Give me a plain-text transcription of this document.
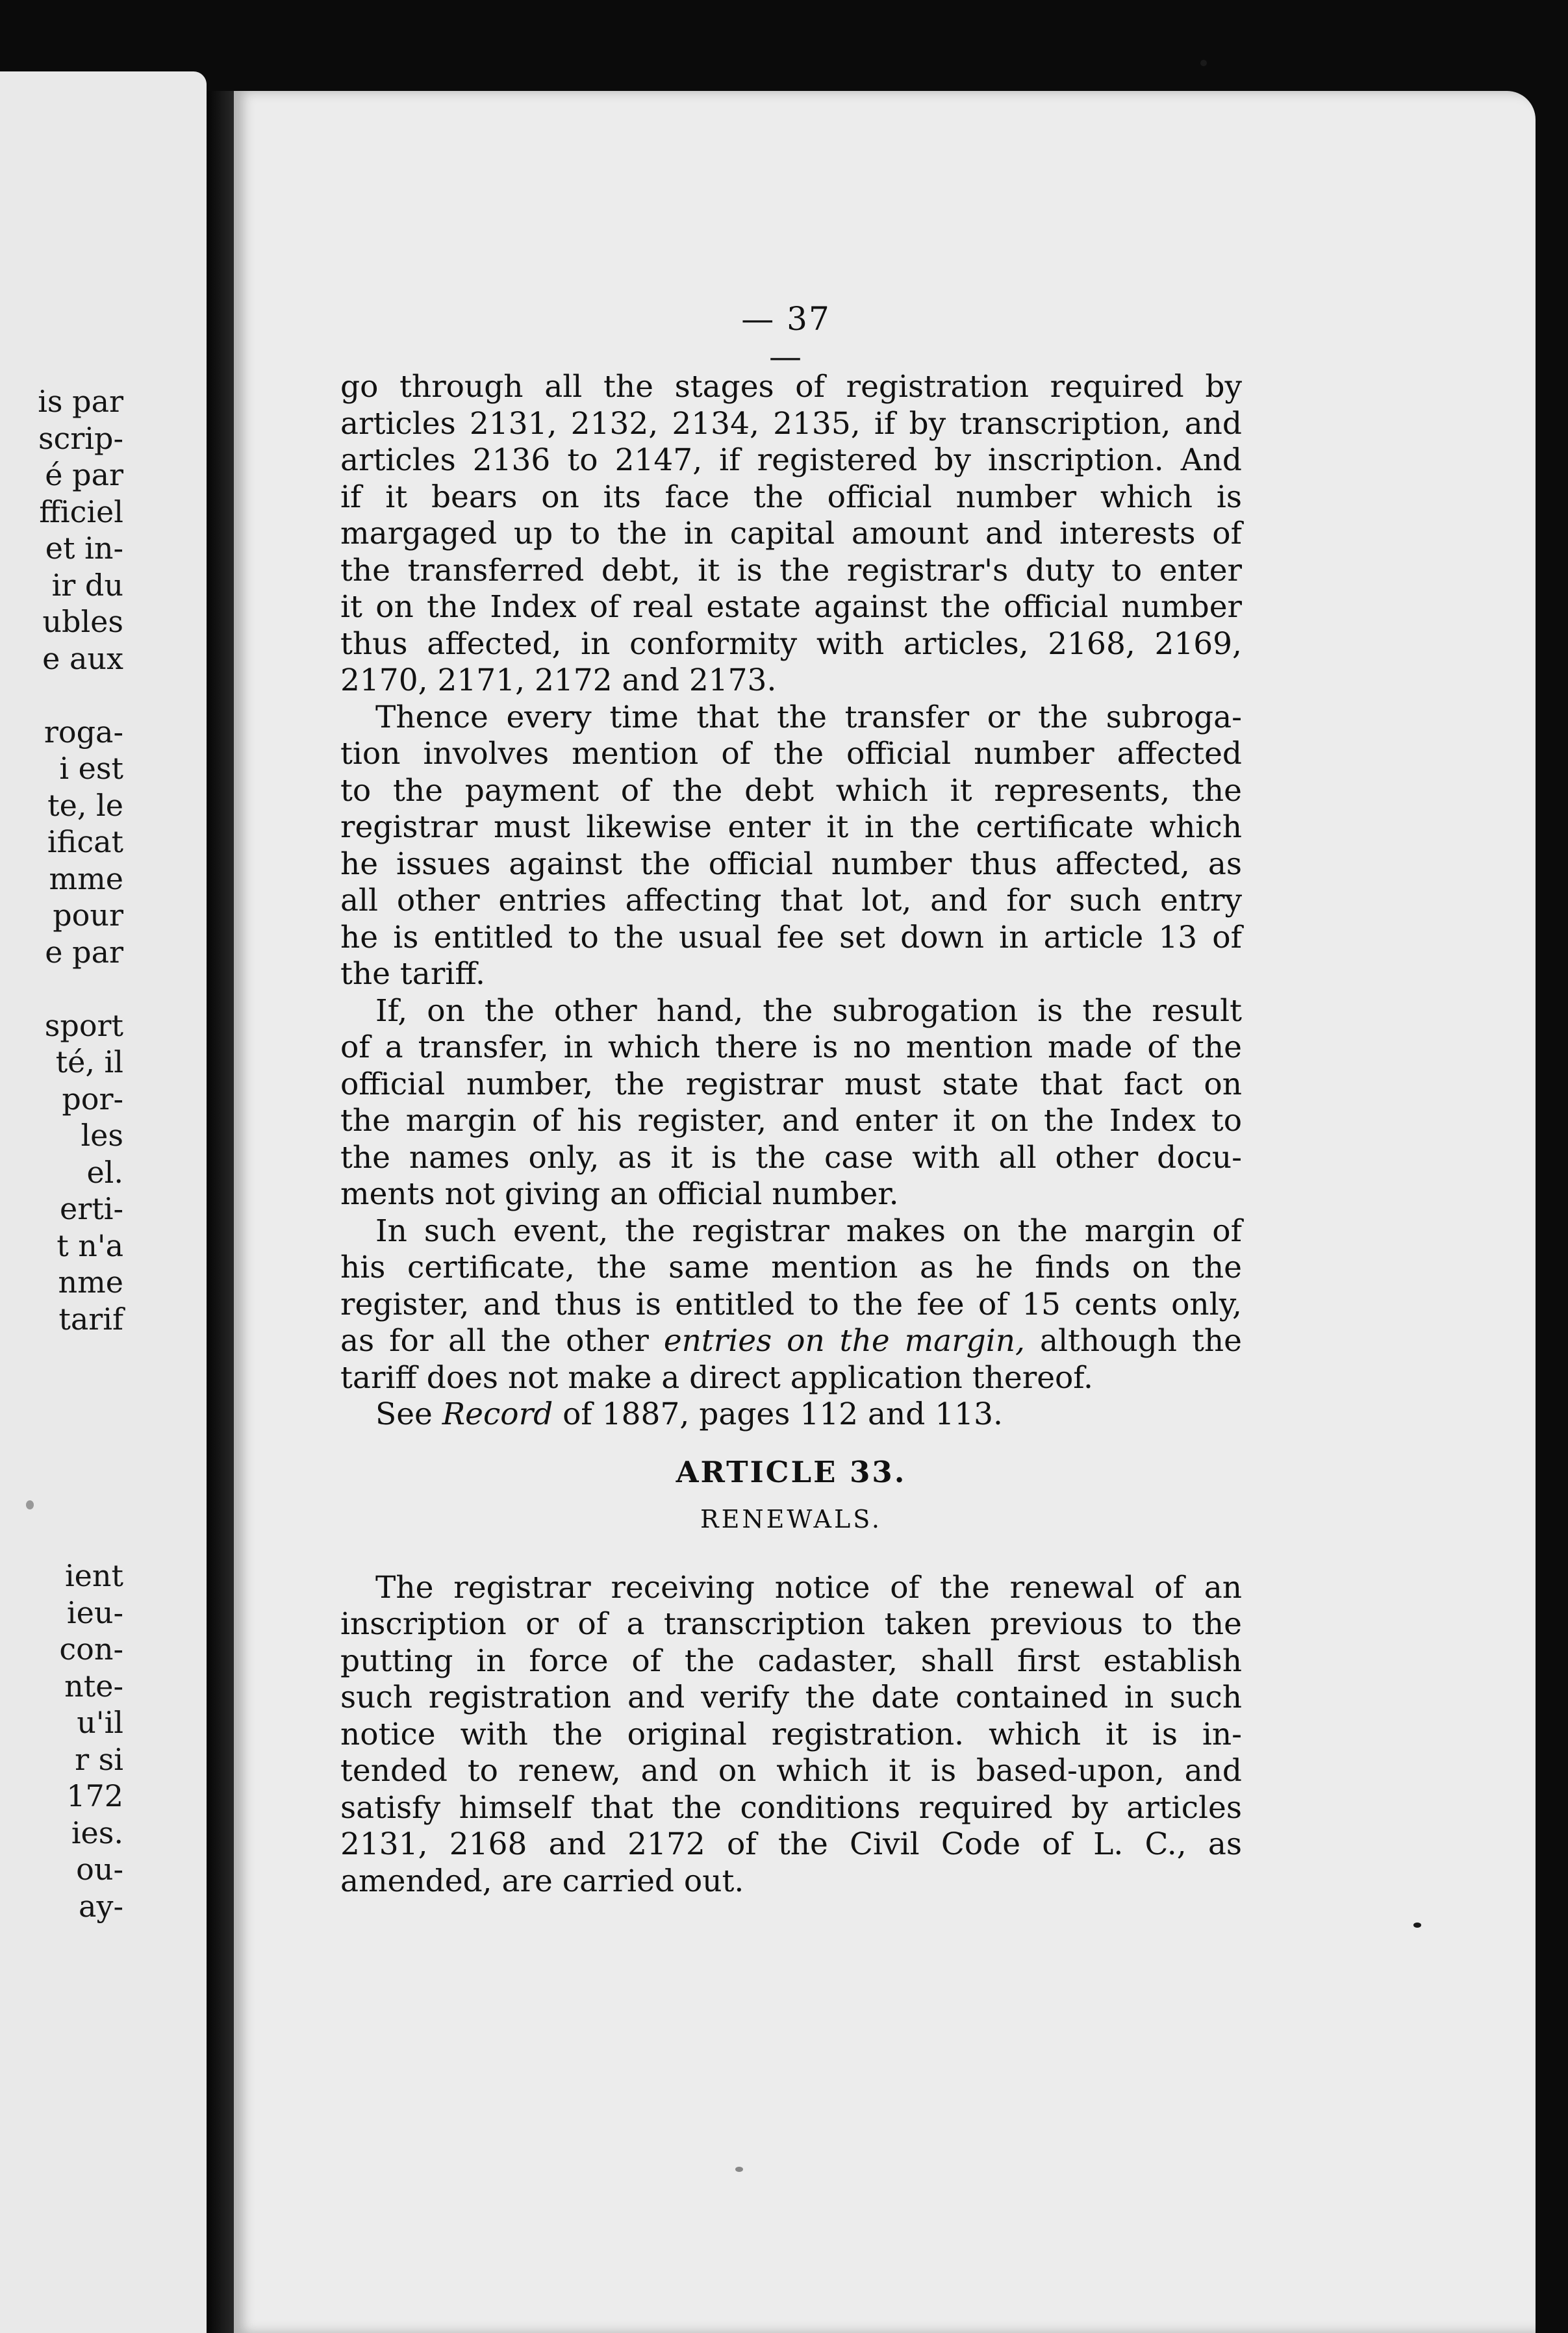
is par
scrip-
é par
fficiel
et in-
ir du
ubles
e aux
roga-
i est
te, le
ificat
mme
pour
e par
sport
té, il
por-
les
el.
erti-
t n'a
nme
tarif
ient
ieu-
con-
nte-
u'il
r si
172
ies.
ou-
ay-
— 37 —
go through all the stages of registration required by
articles 2131, 2132, 2134, 2135, if by transcription, and
articles 2136 to 2147, if registered by inscription. And
if it bears on its face the official number which is
margaged up to the in capital amount and interests of
the transferred debt, it is the registrar's duty to enter
it on the Index of real estate against the official number
thus affected, in conformity with articles, 2168, 2169,
2170, 2171, 2172 and 2173.
Thence every time that the transfer or the subroga-
tion involves mention of the official number affected
to the payment of the debt which it represents, the
registrar must likewise enter it in the certificate which
he issues against the official number thus affected, as
all other entries affecting that lot, and for such entry
he is entitled to the usual fee set down in article 13 of
the tariff.
If, on the other hand, the subrogation is the result
of a transfer, in which there is no mention made of the
official number, the registrar must state that fact on
the margin of his register, and enter it on the Index to
the names only, as it is the case with all other docu-
ments not giving an official number.
In such event, the registrar makes on the margin of
his certificate, the same mention as he finds on the
register, and thus is entitled to the fee of 15 cents only,
as for all the other entries on the margin, although the
tariff does not make a direct application thereof.
See Record of 1887, pages 112 and 113.
ARTICLE 33.
RENEWALS.
The registrar receiving notice of the renewal of an
inscription or of a transcription taken previous to the
putting in force of the cadaster, shall first establish
such registration and verify the date contained in such
notice with the original registration. which it is in-
tended to renew, and on which it is based-upon, and
satisfy himself that the conditions required by articles
2131, 2168 and 2172 of the Civil Code of L. C., as
amended, are carried out.
